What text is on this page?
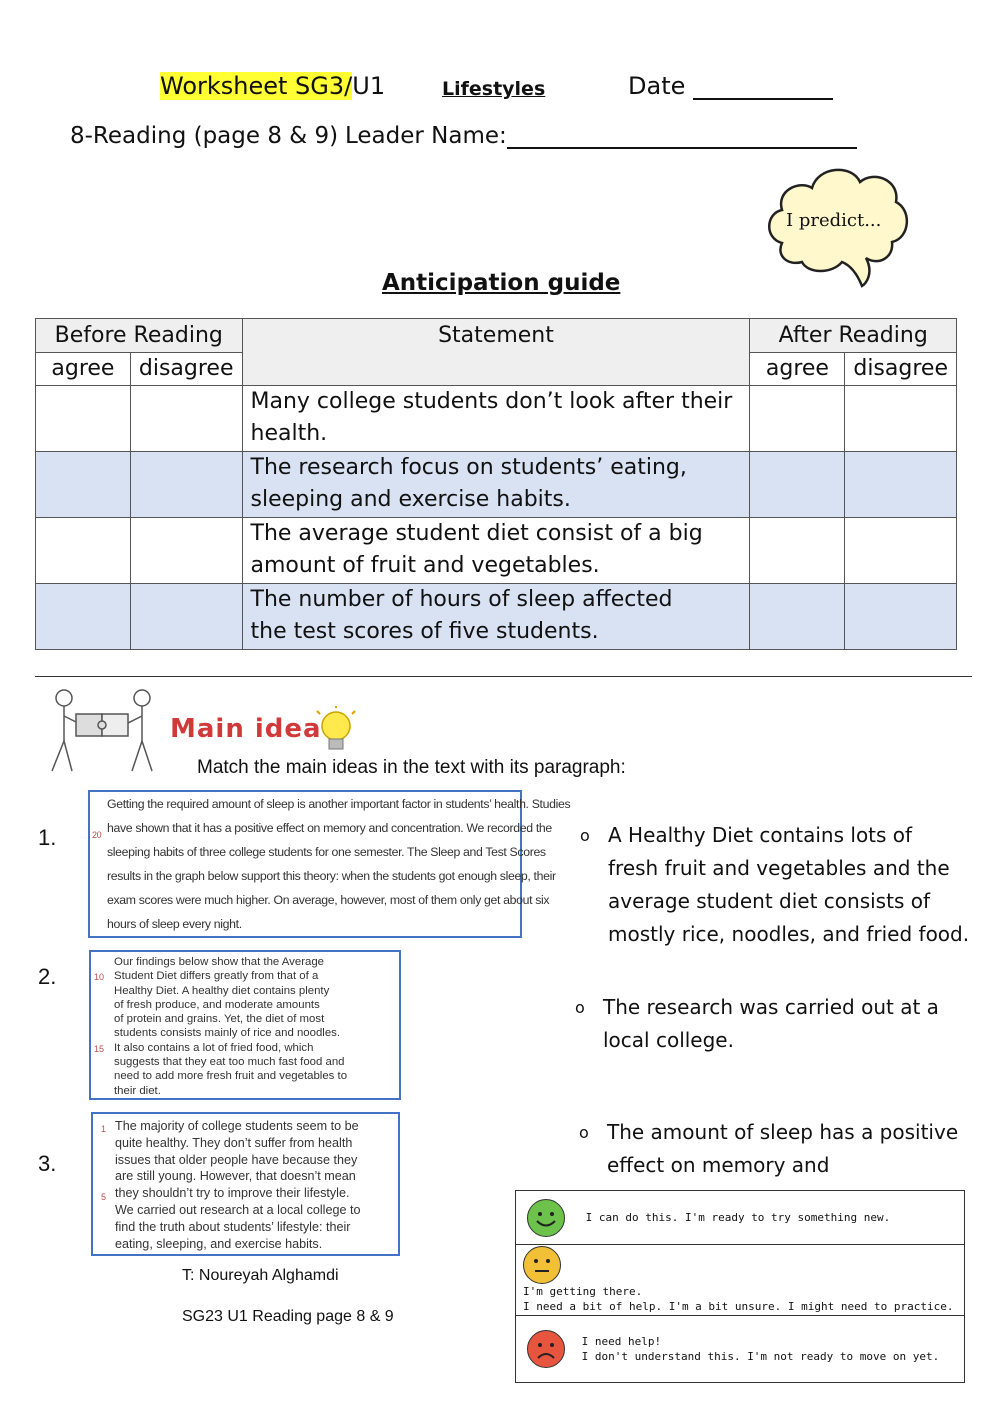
Worksheet SG3/U1	Lifestyles	Date
8-Reading (page 8 & 9) Leader Name:
I predict...
Anticipation guide
Before Reading		Statement	After Reading	
agree	disagree		agree	disagree
		Many college students don’t look after their
health.		
		The research focus on students’ eating,
sleeping and exercise habits.		
		The average student diet consist of a big
amount of fruit and vegetables.		
		The number of hours of sleep affected
the test scores of five students.		
Main idea
Match the main ideas in the text with its paragraph:
1.
2.
3.
20
Getting the required amount of sleep is another important factor in students’ health. Studies
have shown that it has a positive effect on memory and concentration. We recorded the
sleeping habits of three college students for one semester. The Sleep and Test Scores
results in the graph below support this theory: when the students got enough sleep, their
exam scores were much higher. On average, however, most of them only get about six
hours of sleep every night.
10
15
Our findings below show that the Average
Student Diet differs greatly from that of a
Healthy Diet. A healthy diet contains plenty
of fresh produce, and moderate amounts
of protein and grains. Yet, the diet of most
students consists mainly of rice and noodles.
It also contains a lot of fried food, which
suggests that they eat too much fast food and
need to add more fresh fruit and vegetables to
their diet.
1
5
The majority of college students seem to be
quite healthy. They don’t suffer from health
issues that older people have because they
are still young. However, that doesn’t mean
they shouldn’t try to improve their lifestyle.
We carried out research at a local college to
find the truth about students’ lifestyle: their
eating, sleeping, and exercise habits.
o A Healthy Diet contains lots of
fresh fruit and vegetables and the
average student diet consists of
mostly rice, noodles, and fried food.
o The research was carried out at a
local college.
o The amount of sleep has a positive
effect on memory and
T: Noureyah Alghamdi
SG23 U1 Reading page 8 & 9
I can do this. I'm ready to try something new.

I'm getting there.
I need a bit of help. I'm a bit unsure. I might need to practice.

I need help!
I don't understand this. I'm not ready to move on yet.
